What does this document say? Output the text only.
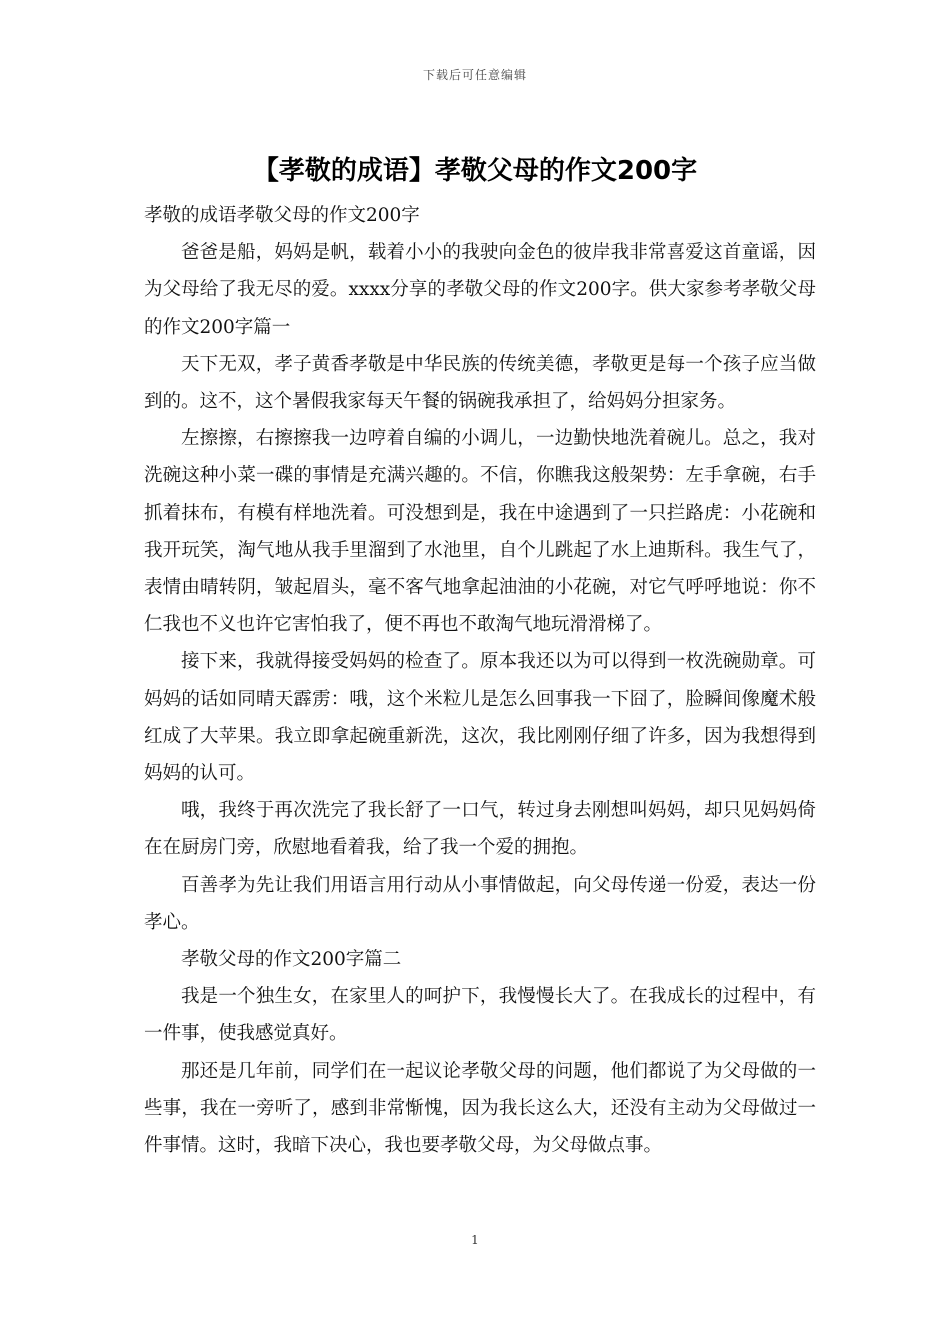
下载后可任意编辑
【孝敬的成语】孝敬父母的作文200字

孝敬的成语孝敬父母的作文200字

爸爸是船，妈妈是帆，载着小小的我驶向金色的彼岸我非常喜爱这首童谣，因为父母给了我无尽的爱。xxxx分享的孝敬父母的作文200字。供大家参考孝敬父母的作文200字篇一

天下无双，孝子黄香孝敬是中华民族的传统美德，孝敬更是每一个孩子应当做到的。这不，这个暑假我家每天午餐的锅碗我承担了，给妈妈分担家务。

左擦擦，右擦擦我一边哼着自编的小调儿，一边勤快地洗着碗儿。总之，我对洗碗这种小菜一碟的事情是充满兴趣的。不信，你瞧我这般架势：左手拿碗，右手抓着抹布，有模有样地洗着。可没想到是，我在中途遇到了一只拦路虎：小花碗和我开玩笑，淘气地从我手里溜到了水池里，自个儿跳起了水上迪斯科。我生气了，表情由晴转阴，皱起眉头，毫不客气地拿起油油的小花碗，对它气呼呼地说：你不仁我也不义也许它害怕我了，便不再也不敢淘气地玩滑滑梯了。

接下来，我就得接受妈妈的检查了。原本我还以为可以得到一枚洗碗勋章。可妈妈的话如同晴天霹雳：哦，这个米粒儿是怎么回事我一下囧了，脸瞬间像魔术般红成了大苹果。我立即拿起碗重新洗，这次，我比刚刚仔细了许多，因为我想得到妈妈的认可。

哦，我终于再次洗完了我长舒了一口气，转过身去刚想叫妈妈，却只见妈妈倚在在厨房门旁，欣慰地看着我，给了我一个爱的拥抱。

百善孝为先让我们用语言用行动从小事情做起，向父母传递一份爱，表达一份孝心。

孝敬父母的作文200字篇二

我是一个独生女，在家里人的呵护下，我慢慢长大了。在我成长的过程中，有一件事，使我感觉真好。

那还是几年前，同学们在一起议论孝敬父母的问题，他们都说了为父母做的一些事，我在一旁听了，感到非常惭愧，因为我长这么大，还没有主动为父母做过一件事情。这时，我暗下决心，我也要孝敬父母，为父母做点事。

1
